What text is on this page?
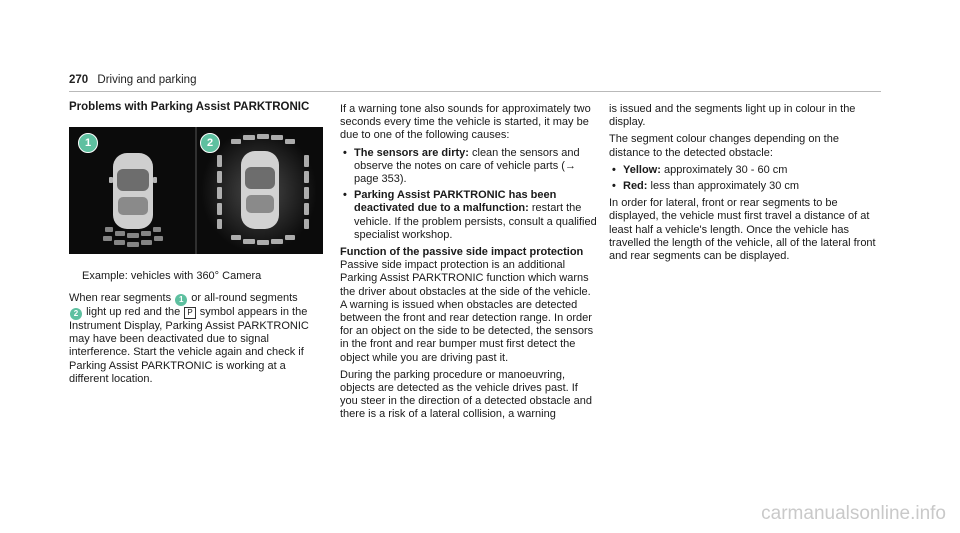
270 Driving and parking
Problems with Parking Assist PARKTRONIC
1	2
Example: vehicles with 360° Camera

When rear segments 1 or all-round segments
2 light up red and the P symbol appears in the Instrument Display, Parking Assist PARKTRONIC may have been deactivated due to signal interference. Start the vehicle again and check if Parking Assist PARKTRONIC is working at a different location.

If a warning tone also sounds for approximately two seconds every time the vehicle is started, it may be due to one of the following causes:

• The sensors are dirty: clean the sensors and observe the notes on care of vehicle parts (→ page 353).
• Parking Assist PARKTRONIC has been deactivated due to a malfunction: restart the vehicle. If the problem persists, consult a qualified specialist workshop.
Function of the passive side impact protection

Passive side impact protection is an additional Parking Assist PARKTRONIC function which warns the driver about obstacles at the side of the vehicle. A warning is issued when obstacles are detected between the front and rear detection range. In order for an object on the side to be detected, the sensors in the front and rear bumper must first detect the object while you are driving past it.

During the parking procedure or manoeuvring, objects are detected as the vehicle drives past. If you steer in the direction of a detected obstacle and there is a risk of a lateral collision, a warning

is issued and the segments light up in colour in the display.

The segment colour changes depending on the distance to the detected obstacle:

• Yellow: approximately 30 - 60 cm
• Red: less than approximately 30 cm

In order for lateral, front or rear segments to be displayed, the vehicle must first travel a distance of at least half a vehicle's length. Once the vehicle has travelled the length of the vehicle, all of the lateral front and rear segments can be displayed.

carmanualsonline.info
